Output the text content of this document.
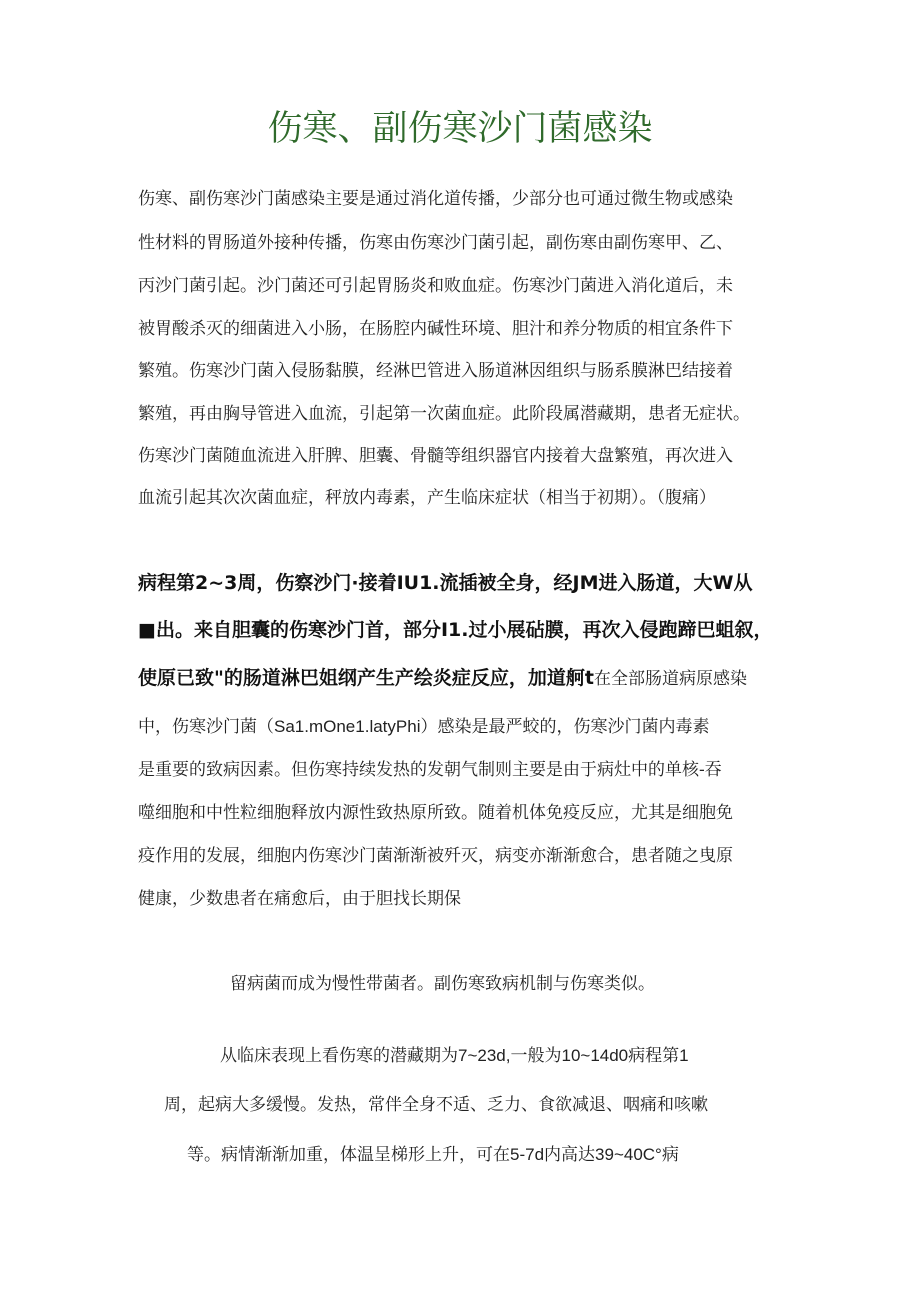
伤寒、副伤寒沙门菌感染
伤寒、副伤寒沙门菌感染主要是通过消化道传播，少部分也可通过微生物或感染
性材料的胃肠道外接种传播，伤寒由伤寒沙门菌引起，副伤寒由副伤寒甲、乙、
丙沙门菌引起。沙门菌还可引起胃肠炎和败血症。伤寒沙门菌进入消化道后，未
被胃酸杀灭的细菌进入小肠，在肠腔内碱性环境、胆汁和养分物质的相宜条件下
繁殖。伤寒沙门菌入侵肠黏膜，经淋巴管进入肠道淋因组织与肠系膜淋巴结接着
繁殖，再由胸导管进入血流，引起第一次菌血症。此阶段属潜藏期，患者无症状。
伤寒沙门菌随血流进入肝脾、胆囊、骨髓等组织器官内接着大盘繁殖，再次进入
血流引起其次次菌血症，秤放内毒素，产生临床症状（相当于初期）。（腹痛）
病程第2~3周，伤察沙门·接着IU1.流插被全身，经JM进入肠道，大W从
■出。来自胆囊的伤寒沙门首，部分I1.过小展砧膜，再次入侵跑蹄巴蛆叙，
使原已致"的肠道淋巴姐纲产生产绘炎症反应，加道舸t在全部肠道病原感染
中，伤寒沙门菌（Sa1.mOne1.latyPhi）感染是最严蛟的，伤寒沙门菌内毒素
是重要的致病因素。但伤寒持续发热的发朝气制则主要是由于病灶中的单核-吞
噬细胞和中性粒细胞释放内源性致热原所致。随着机体免疫反应，尤其是细胞免
疫作用的发展，细胞内伤寒沙门菌渐渐被歼灭，病变亦渐渐愈合，患者随之曳原
健康，少数患者在痛愈后，由于胆找长期保
留病菌而成为慢性带菌者。副伤寒致病机制与伤寒类似。
从临床表现上看伤寒的潜藏期为7~23d,一般为10~14d0病程第1
周，起病大多缓慢。发热，常伴全身不适、乏力、食欲减退、咽痛和咳嗽
等。病情渐渐加重，体温呈梯形上升，可在5-7d内高达39~40C°病
